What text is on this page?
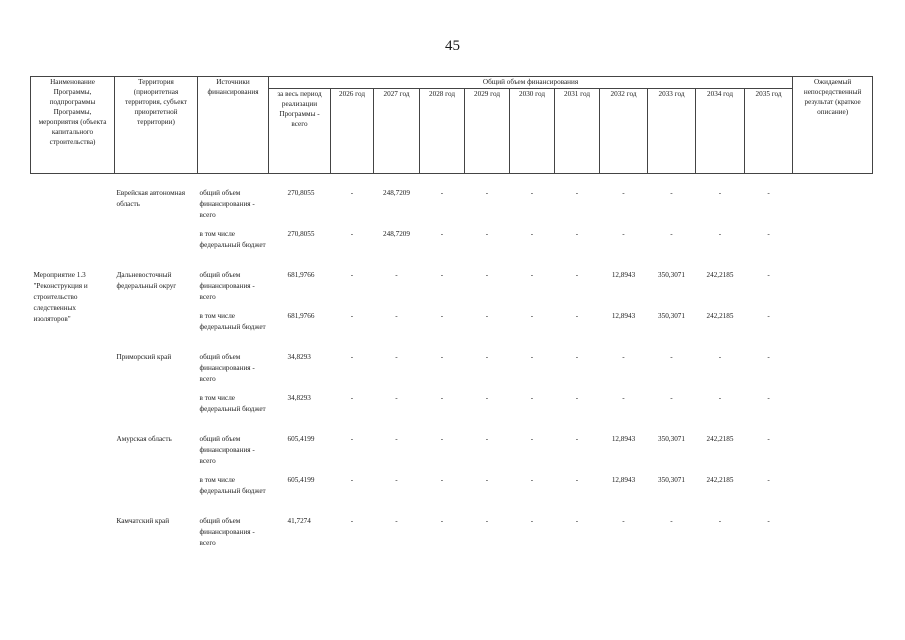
45
Наименование Программы, подпрограммы Программы, мероприятия (объекта капитального строительства)	Территория (приоритетная территория, субъект приоритетной территории)	Источники финансирования	Общий объем финансирования											Ожидаемый непосредственный результат (краткое описание)
			за весь период реализации Программы - всего	2026 год	2027 год	2028 год	2029 год	2030 год	2031 год	2032 год	2033 год	2034 год	2035 год	

	Еврейская автономная область	общий объем финансирования - всего	270,8055	-	248,7209	-	-	-	-	-	-	-	-	
		в том числе федеральный бюджет	270,8055	-	248,7209	-	-	-	-	-	-	-	-	
Мероприятие 1.3 "Реконструкция и строительство следственных изоляторов"	Дальневосточный федеральный округ	общий объем финансирования - всего	681,9766	-	-	-	-	-	-	12,8943	350,3071	242,2185	-	
		в том числе федеральный бюджет	681,9766	-	-	-	-	-	-	12,8943	350,3071	242,2185	-	
	Приморский край	общий объем финансирования - всего	34,8293	-	-	-	-	-	-	-	-	-	-	
		в том числе федеральный бюджет	34,8293	-	-	-	-	-	-	-	-	-	-	
	Амурская область	общий объем финансирования - всего	605,4199	-	-	-	-	-	-	12,8943	350,3071	242,2185	-	
		в том числе федеральный бюджет	605,4199	-	-	-	-	-	-	12,8943	350,3071	242,2185	-	
	Камчатский край	общий объем финансирования - всего	41,7274	-	-	-	-	-	-	-	-	-	-	
